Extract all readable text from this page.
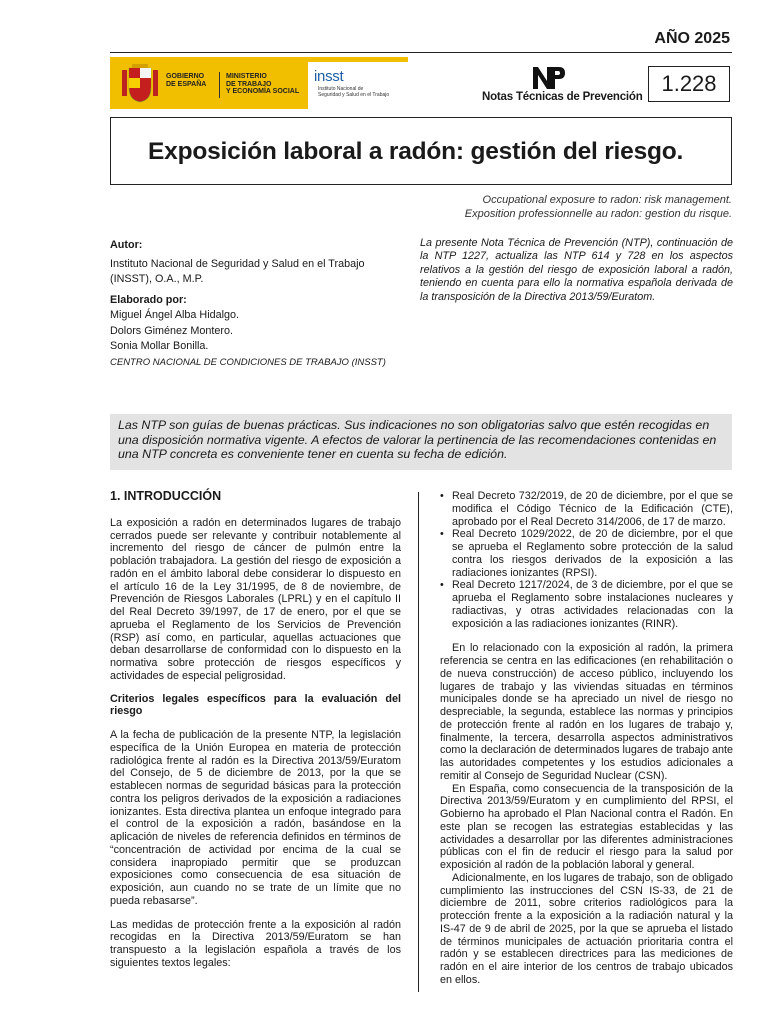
AÑO 2025
GOBIERNO
DE ESPAÑA
MINISTERIO
DE TRABAJO
Y ECONOMÍA SOCIAL
insst
Instituto Nacional de
Seguridad y Salud en el Trabajo	Notas Técnicas de Prevención
1.228
Exposición laboral a radón: gestión del riesgo.
Occupational exposure to radon: risk management.
Exposition professionnelle au radon: gestion du risque.
Autor:
Instituto Nacional de Seguridad y Salud en el Trabajo
(INSST), O.A., M.P.
Elaborado por:
Miguel Ángel Alba Hidalgo.
Dolors Giménez Montero.
Sonia Mollar Bonilla.
CENTRO NACIONAL DE CONDICIONES DE TRABAJO (INSST)
La presente Nota Técnica de Prevención (NTP), continuación de la NTP 1227, actualiza las NTP 614 y 728 en los aspectos relativos a la gestión del riesgo de exposición laboral a radón, teniendo en cuenta para ello la normativa española derivada de la transposición de la Directiva 2013/59/Euratom.
Las NTP son guías de buenas prácticas. Sus indicaciones no son obligatorias salvo que estén recogidas en una disposición normativa vigente. A efectos de valorar la pertinencia de las recomendaciones contenidas en una NTP concreta es conveniente tener en cuenta su fecha de edición.

1. INTRODUCCIÓN

La exposición a radón en determinados lugares de trabajo cerrados puede ser relevante y contribuir notablemente al incremento del riesgo de cáncer de pulmón entre la población trabajadora. La gestión del riesgo de exposición a radón en el ámbito laboral debe considerar lo dispuesto en el artículo 16 de la Ley 31/1995, de 8 de noviembre, de Prevención de Riesgos Laborales (LPRL) y en el capítulo II del Real Decreto 39/1997, de 17 de enero, por el que se aprueba el Reglamento de los Servicios de Prevención (RSP) así como, en particular, aquellas actuaciones que deban desarrollarse de conformidad con lo dispuesto en la normativa sobre protección de riesgos específicos y actividades de especial peligrosidad.

Criterios legales específicos para la evaluación del riesgo

A la fecha de publicación de la presente NTP, la legislación específica de la Unión Europea en materia de protección radiológica frente al radón es la Directiva 2013/59/Euratom del Consejo, de 5 de diciembre de 2013, por la que se establecen normas de seguridad básicas para la protección contra los peligros derivados de la exposición a radiaciones ionizantes. Esta directiva plantea un enfoque integrado para el control de la exposición a radón, basándose en la aplicación de niveles de referencia definidos en términos de “concentración de actividad por encima de la cual se considera inapropiado permitir que se produzcan exposiciones como consecuencia de esa situación de exposición, aun cuando no se trate de un límite que no pueda rebasarse”.

Las medidas de protección frente a la exposición al radón recogidas en la Directiva 2013/59/Euratom se han transpuesto a la legislación española a través de los siguientes textos legales:

• Real Decreto 732/2019, de 20 de diciembre, por el que se modifica el Código Técnico de la Edificación (CTE), aprobado por el Real Decreto 314/2006, de 17 de marzo.
• Real Decreto 1029/2022, de 20 de diciembre, por el que se aprueba el Reglamento sobre protección de la salud contra los riesgos derivados de la exposición a las radiaciones ionizantes (RPSI).
• Real Decreto 1217/2024, de 3 de diciembre, por el que se aprueba el Reglamento sobre instalaciones nucleares y radiactivas, y otras actividades relacionadas con la exposición a las radiaciones ionizantes (RINR).

En lo relacionado con la exposición al radón, la primera referencia se centra en las edificaciones (en rehabilitación o de nueva construcción) de acceso público, incluyendo los lugares de trabajo y las viviendas situadas en términos municipales donde se ha apreciado un nivel de riesgo no despreciable, la segunda, establece las normas y principios de protección frente al radón en los lugares de trabajo y, finalmente, la tercera, desarrolla aspectos administrativos como la declaración de determinados lugares de trabajo ante las autoridades competentes y los estudios adicionales a remitir al Consejo de Seguridad Nuclear (CSN).

En España, como consecuencia de la transposición de la Directiva 2013/59/Euratom y en cumplimiento del RPSI, el Gobierno ha aprobado el Plan Nacional contra el Radón. En este plan se recogen las estrategias establecidas y las actividades a desarrollar por las diferentes administraciones públicas con el fin de reducir el riesgo para la salud por exposición al radón de la población laboral y general.

Adicionalmente, en los lugares de trabajo, son de obligado cumplimiento las instrucciones del CSN IS-33, de 21 de diciembre de 2011, sobre criterios radiológicos para la protección frente a la exposición a la radiación natural y la IS-47 de 9 de abril de 2025, por la que se aprueba el listado de términos municipales de actuación prioritaria contra el radón y se establecen directrices para las mediciones de radón en el aire interior de los centros de trabajo ubicados en ellos.
